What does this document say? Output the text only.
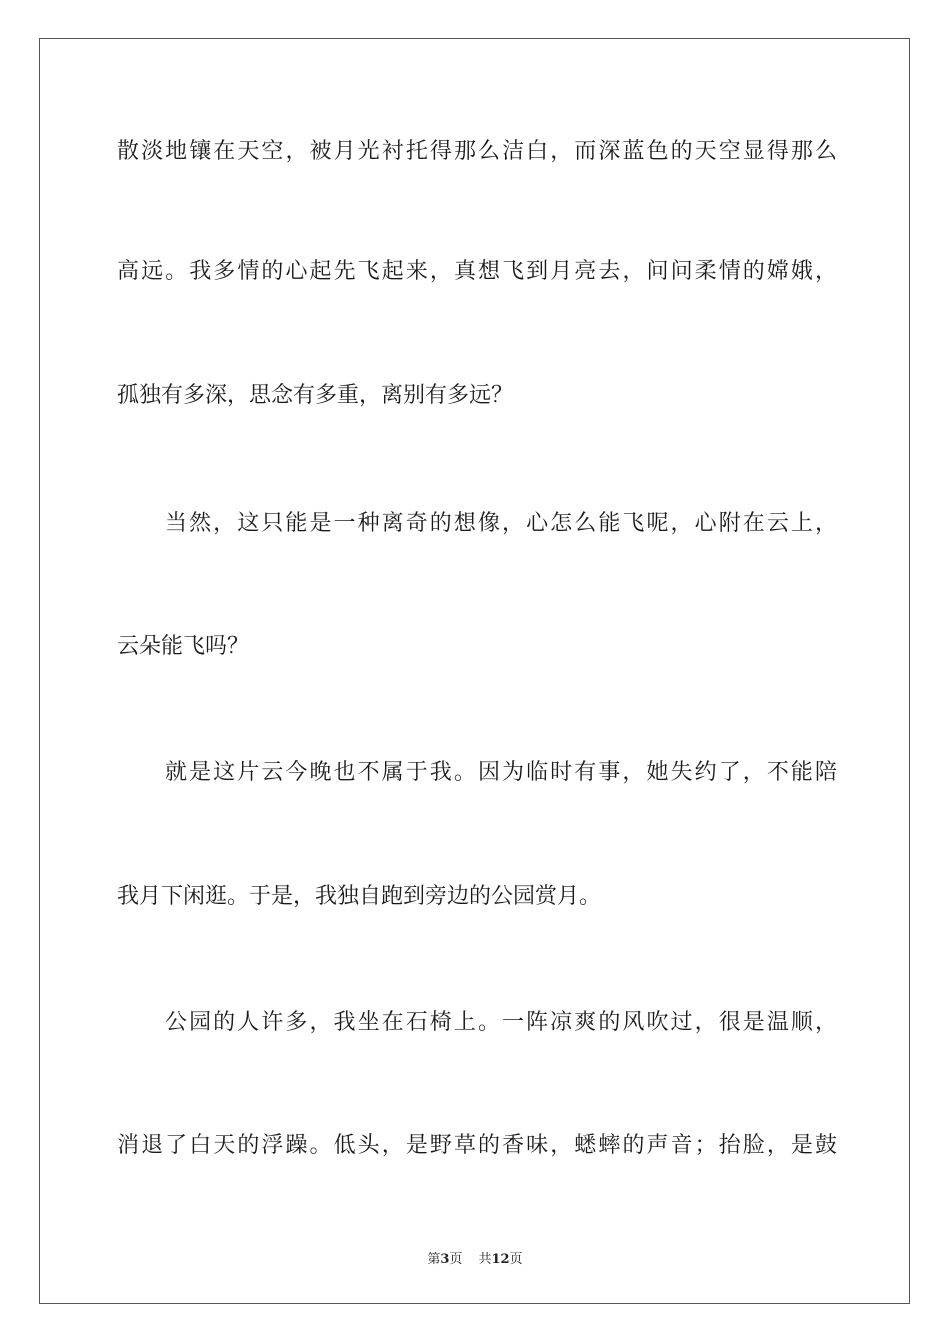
散淡地镶在天空，被月光衬托得那么洁白，而深蓝色的天空显得那么
高远。我多情的心起先飞起来，真想飞到月亮去，问问柔情的嫦娥，
孤独有多深，思念有多重，离别有多远？
当然，这只能是一种离奇的想像，心怎么能飞呢，心附在云上，
云朵能飞吗？
就是这片云今晚也不属于我。因为临时有事，她失约了，不能陪
我月下闲逛。于是，我独自跑到旁边的公园赏月。
公园的人许多，我坐在石椅上。一阵凉爽的风吹过，很是温顺，
消退了白天的浮躁。低头，是野草的香味，蟋蟀的声音；抬脸，是鼓
第3页 共12页
